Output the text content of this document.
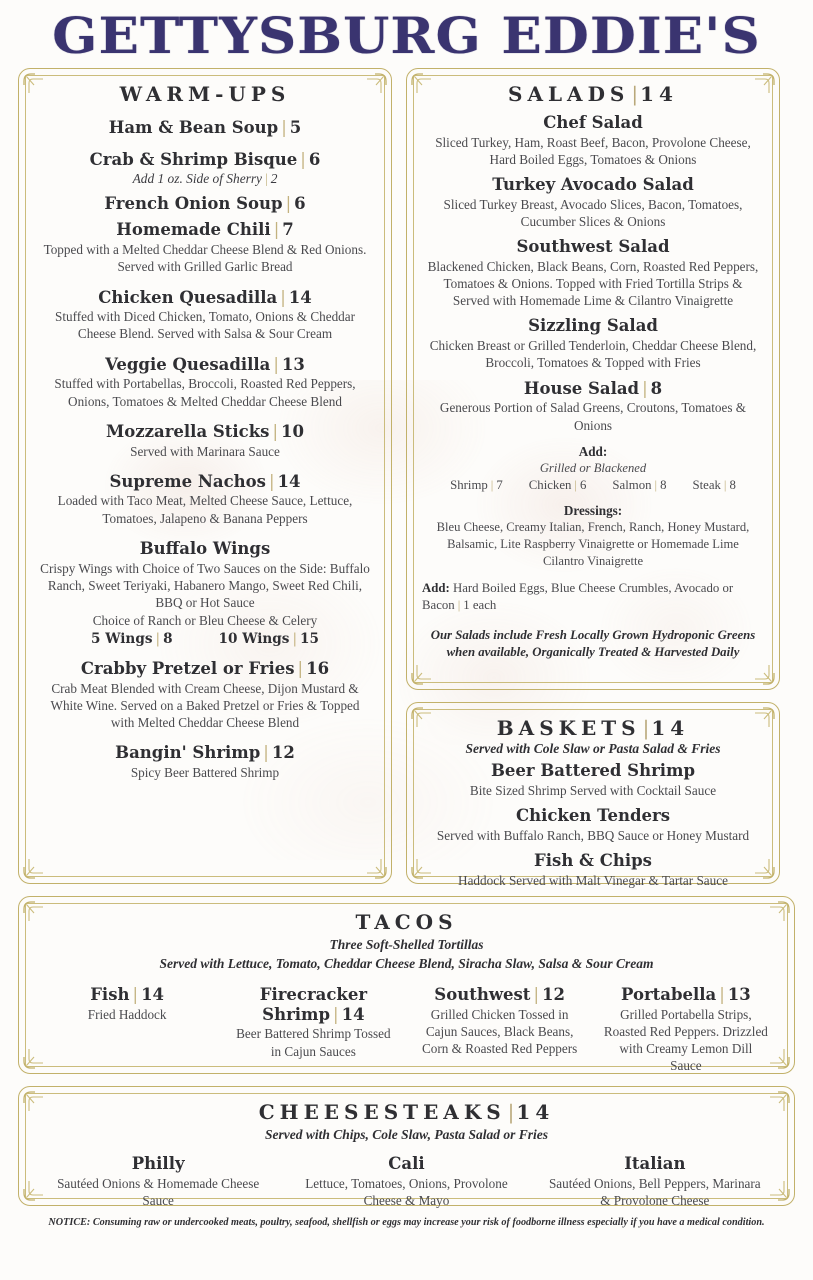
GETTYSBURG EDDIE'S
WARM-UPS
Ham & Bean Soup | 5
Crab & Shrimp Bisque | 6
Add 1 oz. Side of Sherry | 2
French Onion Soup | 6
Homemade Chili | 7
Topped with a Melted Cheddar Cheese Blend & Red Onions. Served with Grilled Garlic Bread
Chicken Quesadilla | 14
Stuffed with Diced Chicken, Tomato, Onions & Cheddar Cheese Blend. Served with Salsa & Sour Cream
Veggie Quesadilla | 13
Stuffed with Portabellas, Broccoli, Roasted Red Peppers, Onions, Tomatoes & Melted Cheddar Cheese Blend
Mozzarella Sticks | 10
Served with Marinara Sauce
Supreme Nachos | 14
Loaded with Taco Meat, Melted Cheese Sauce, Lettuce, Tomatoes, Jalapeno & Banana Peppers
Buffalo Wings
Crispy Wings with Choice of Two Sauces on the Side: Buffalo Ranch, Sweet Teriyaki, Habanero Mango, Sweet Red Chili, BBQ or Hot Sauce
Choice of Ranch or Bleu Cheese & Celery
5 Wings | 8	10 Wings | 15
Crabby Pretzel or Fries | 16
Crab Meat Blended with Cream Cheese, Dijon Mustard & White Wine. Served on a Baked Pretzel or Fries & Topped with Melted Cheddar Cheese Blend
Bangin' Shrimp | 12
Spicy Beer Battered Shrimp
SALADS | 14
Chef Salad
Sliced Turkey, Ham, Roast Beef, Bacon, Provolone Cheese, Hard Boiled Eggs, Tomatoes & Onions
Turkey Avocado Salad
Sliced Turkey Breast, Avocado Slices, Bacon, Tomatoes, Cucumber Slices & Onions
Southwest Salad
Blackened Chicken, Black Beans, Corn, Roasted Red Peppers, Tomatoes & Onions. Topped with Fried Tortilla Strips & Served with Homemade Lime & Cilantro Vinaigrette
Sizzling Salad
Chicken Breast or Grilled Tenderloin, Cheddar Cheese Blend, Broccoli, Tomatoes & Topped with Fries
House Salad | 8
Generous Portion of Salad Greens, Croutons, Tomatoes & Onions
Add:
Grilled or Blackened
Shrimp | 7 Chicken | 6 Salmon | 8 Steak | 8
Dressings:
Bleu Cheese, Creamy Italian, French, Ranch, Honey Mustard, Balsamic, Lite Raspberry Vinaigrette or Homemade Lime Cilantro Vinaigrette
Add: Hard Boiled Eggs, Blue Cheese Crumbles, Avocado or Bacon | 1 each
Our Salads include Fresh Locally Grown Hydroponic Greens when available, Organically Treated & Harvested Daily
BASKETS | 14
Served with Cole Slaw or Pasta Salad & Fries
Beer Battered Shrimp
Bite Sized Shrimp Served with Cocktail Sauce
Chicken Tenders
Served with Buffalo Ranch, BBQ Sauce or Honey Mustard
Fish & Chips
Haddock Served with Malt Vinegar & Tartar Sauce
TACOS
Three Soft-Shelled Tortillas
Served with Lettuce, Tomato, Cheddar Cheese Blend, Siracha Slaw, Salsa & Sour Cream
Fish | 14
Fried Haddock
Firecracker Shrimp | 14
Beer Battered Shrimp Tossed in Cajun Sauces
Southwest | 12
Grilled Chicken Tossed in Cajun Sauces, Black Beans, Corn & Roasted Red Peppers
Portabella | 13
Grilled Portabella Strips, Roasted Red Peppers. Drizzled with Creamy Lemon Dill Sauce
CHEESESTEAKS | 14
Served with Chips, Cole Slaw, Pasta Salad or Fries
Philly
Sautéed Onions & Homemade Cheese Sauce
Cali
Lettuce, Tomatoes, Onions, Provolone Cheese & Mayo
Italian
Sautéed Onions, Bell Peppers, Marinara & Provolone Cheese
NOTICE: Consuming raw or undercooked meats, poultry, seafood, shellfish or eggs may increase your risk of foodborne illness especially if you have a medical condition.
